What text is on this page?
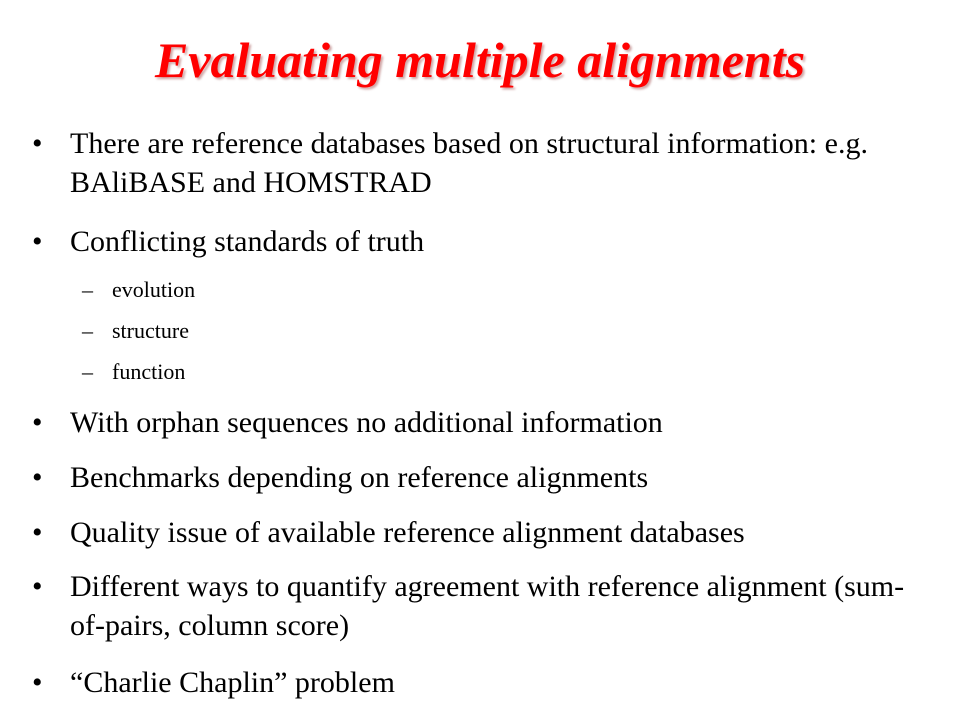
Evaluating multiple alignments
• There are reference databases based on structural information: e.g. BAliBASE and HOMSTRAD
• Conflicting standards of truth
– evolution
– structure
– function
• With orphan sequences no additional information
• Benchmarks depending on reference alignments
• Quality issue of available reference alignment databases
• Different ways to quantify agreement with reference alignment (sum-of-pairs, column score)
• “Charlie Chaplin” problem
